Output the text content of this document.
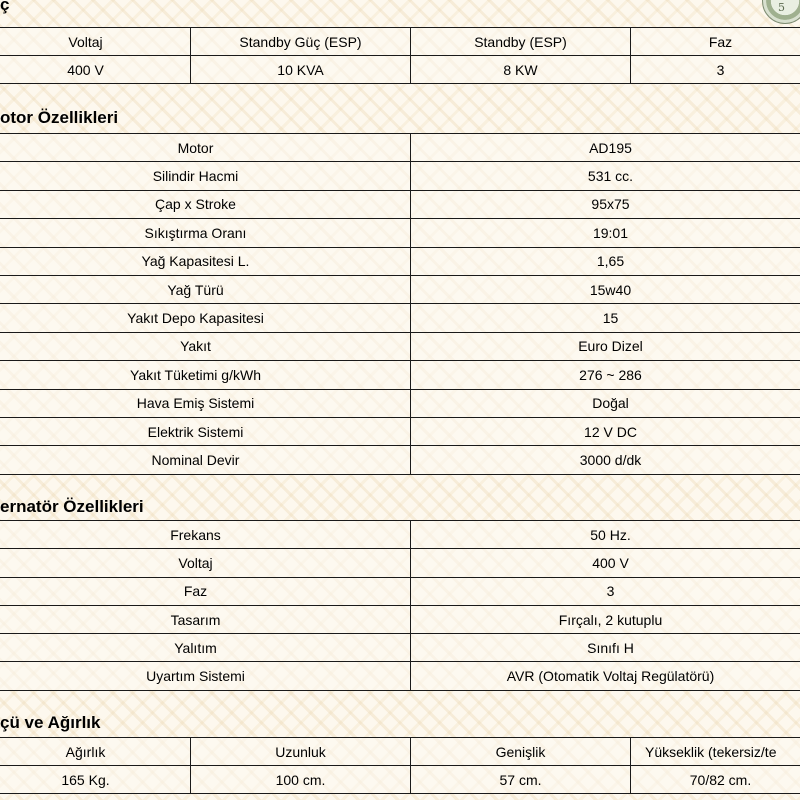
5
ç
Voltaj	Standby Güç (ESP)	Standby (ESP)	Faz
400 V	10 KVA	8 KW	3
otor Özellikleri
Motor	AD195
Silindir Hacmi	531 cc.
Çap x Stroke	95x75
Sıkıştırma Oranı	19:01
Yağ Kapasitesi L.	1,65
Yağ Türü	15w40
Yakıt Depo Kapasitesi	15
Yakıt	Euro Dizel
Yakıt Tüketimi g/kWh	276 ~ 286
Hava Emiş Sistemi	Doğal
Elektrik Sistemi	12 V DC
Nominal Devir	3000 d/dk
ernatör Özellikleri
Frekans	50 Hz.
Voltaj	400 V
Faz	3
Tasarım	Fırçalı, 2 kutuplu
Yalıtım	Sınıfı H
Uyartım Sistemi	AVR (Otomatik Voltaj Regülatörü)
çü ve Ağırlık
Ağırlık	Uzunluk	Genişlik	Yükseklik (tekersiz/te
165 Kg.	100 cm.	57 cm.	70/82 cm.
